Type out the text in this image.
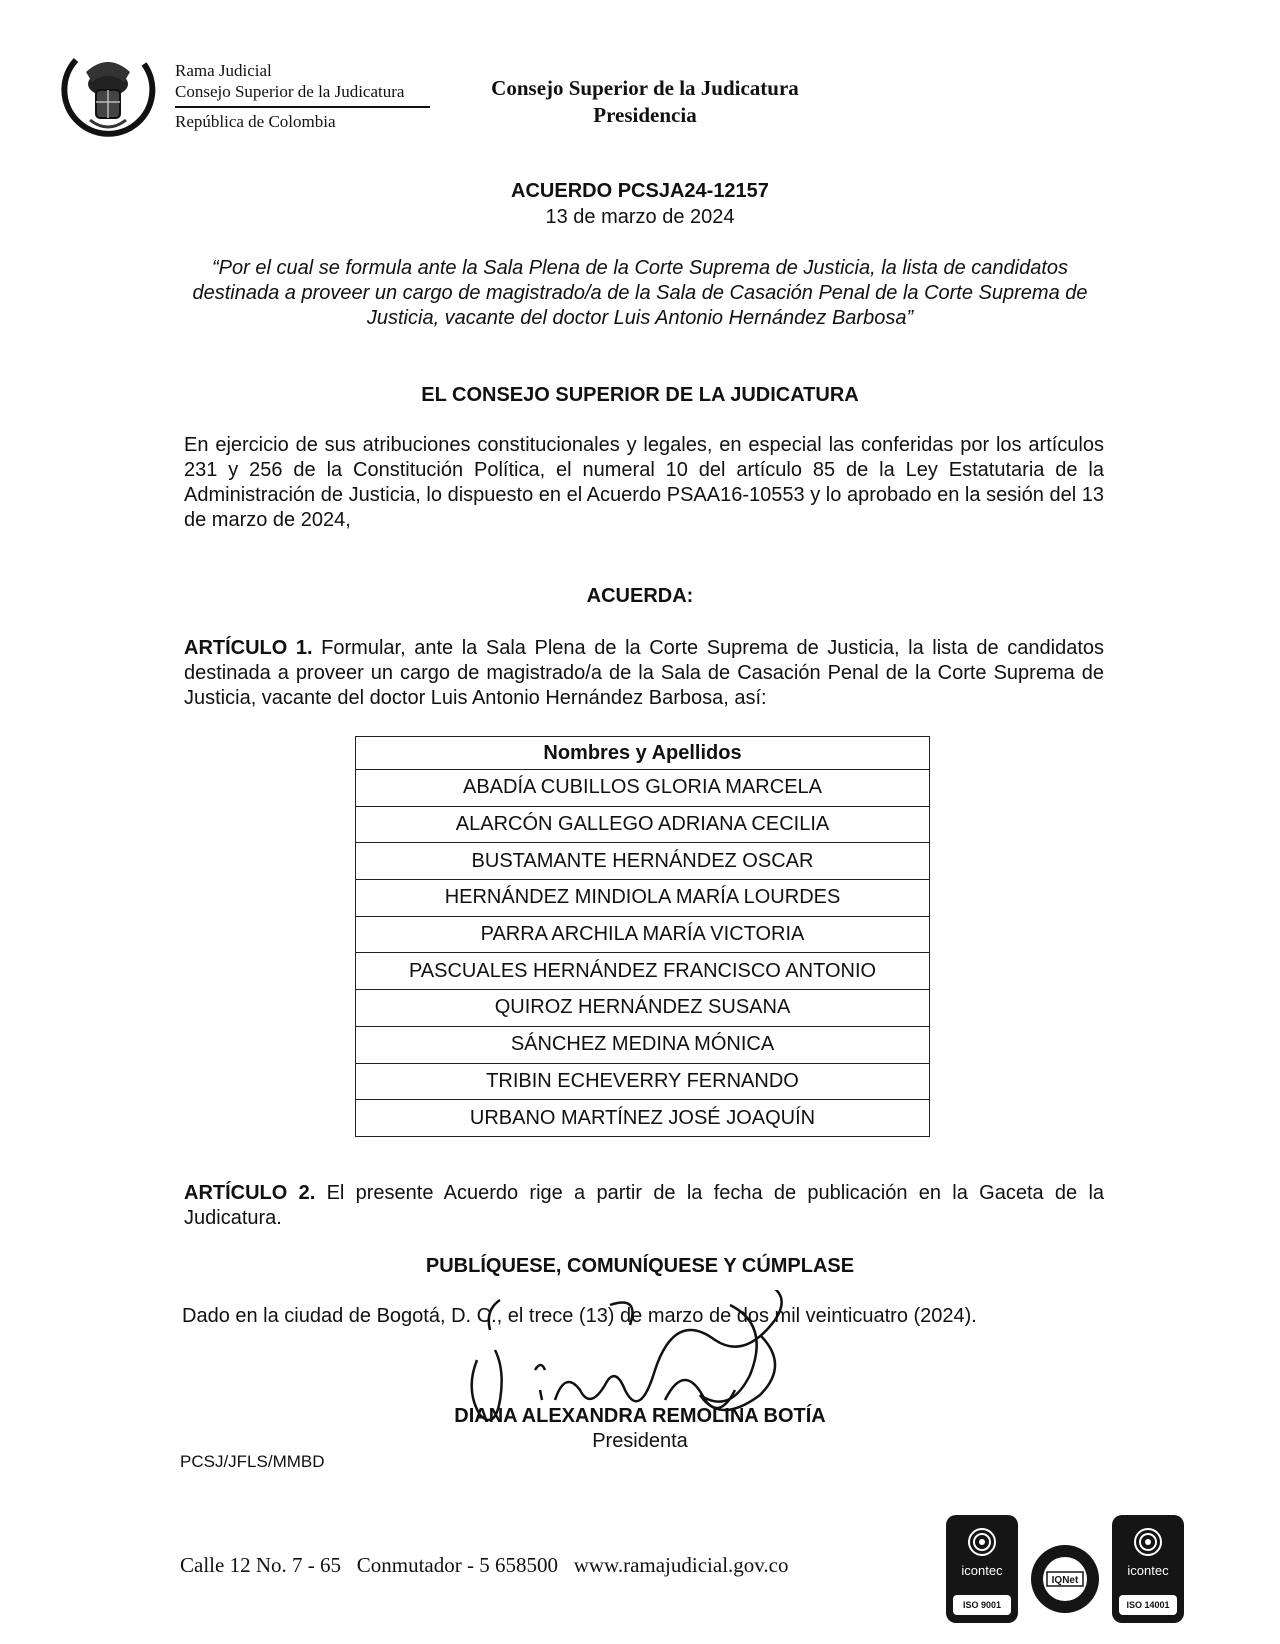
Rama Judicial
Consejo Superior de la Judicatura
República de Colombia
Consejo Superior de la Judicatura
Presidencia
ACUERDO PCSJA24-12157
13 de marzo de 2024
“Por el cual se formula ante la Sala Plena de la Corte Suprema de Justicia, la lista de candidatos destinada a proveer un cargo de magistrado/a de la Sala de Casación Penal de la Corte Suprema de Justicia, vacante del doctor Luis Antonio Hernández Barbosa”
EL CONSEJO SUPERIOR DE LA JUDICATURA
En ejercicio de sus atribuciones constitucionales y legales, en especial las conferidas por los artículos 231 y 256 de la Constitución Política, el numeral 10 del artículo 85 de la Ley Estatutaria de la Administración de Justicia, lo dispuesto en el Acuerdo PSAA16-10553 y lo aprobado en la sesión del 13 de marzo de 2024,
ACUERDA:
ARTÍCULO 1. Formular, ante la Sala Plena de la Corte Suprema de Justicia, la lista de candidatos destinada a proveer un cargo de magistrado/a de la Sala de Casación Penal de la Corte Suprema de Justicia, vacante del doctor Luis Antonio Hernández Barbosa, así:
Nombres y Apellidos
ABADÍA CUBILLOS GLORIA MARCELA
ALARCÓN GALLEGO ADRIANA CECILIA
BUSTAMANTE HERNÁNDEZ OSCAR
HERNÁNDEZ MINDIOLA MARÍA LOURDES
PARRA ARCHILA MARÍA VICTORIA
PASCUALES HERNÁNDEZ FRANCISCO ANTONIO
QUIROZ HERNÁNDEZ SUSANA
SÁNCHEZ MEDINA MÓNICA
TRIBIN ECHEVERRY FERNANDO
URBANO MARTÍNEZ JOSÉ JOAQUÍN
ARTÍCULO 2. El presente Acuerdo rige a partir de la fecha de publicación en la Gaceta de la Judicatura.
PUBLÍQUESE, COMUNÍQUESE Y CÚMPLASE
Dado en la ciudad de Bogotá, D. C., el trece (13) de marzo de dos mil veinticuatro (2024).
DIANA ALEXANDRA REMOLINA BOTÍA
Presidenta
PCSJ/JFLS/MMBD
Calle 12 No. 7 - 65   Conmutador - 5 658500   www.ramajudicial.gov.co	icontec
ISO 9001
IQNet
icontec
ISO 14001
